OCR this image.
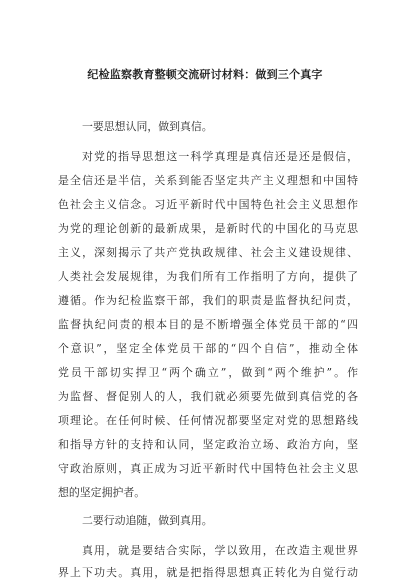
纪检监察教育整顿交流研讨材料：做到三个真字
一要思想认同，做到真信。
对党的指导思想这一科学真理是真信还是还是假信，
是全信还是半信，关系到能否坚定共产主义理想和中国特
色社会主义信念。习近平新时代中国特色社会主义思想作
为党的理论创新的最新成果，是新时代的中国化的马克思
主义，深刻揭示了共产党执政规律、社会主义建设规律、
人类社会发展规律，为我们所有工作指明了方向，提供了
遵循。作为纪检监察干部，我们的职责是监督执纪问责，
监督执纪问责的根本目的是不断增强全体党员干部的“四
个意识”，坚定全体党员干部的“四个自信”，推动全体
党员干部切实捍卫“两个确立”，做到“两个维护”。作
为监督、督促别人的人，我们就必须要先做到真信党的各
项理论。在任何时候、任何情况都要坚定对党的思想路线
和指导方针的支持和认同，坚定政治立场、政治方向，坚
守政治原则，真正成为习近平新时代中国特色社会主义思
想的坚定拥护者。
二要行动追随，做到真用。
真用，就是要结合实际，学以致用，在改造主观世界
界上下功夫。真用，就是把指得思想真正转化为自觉行动
